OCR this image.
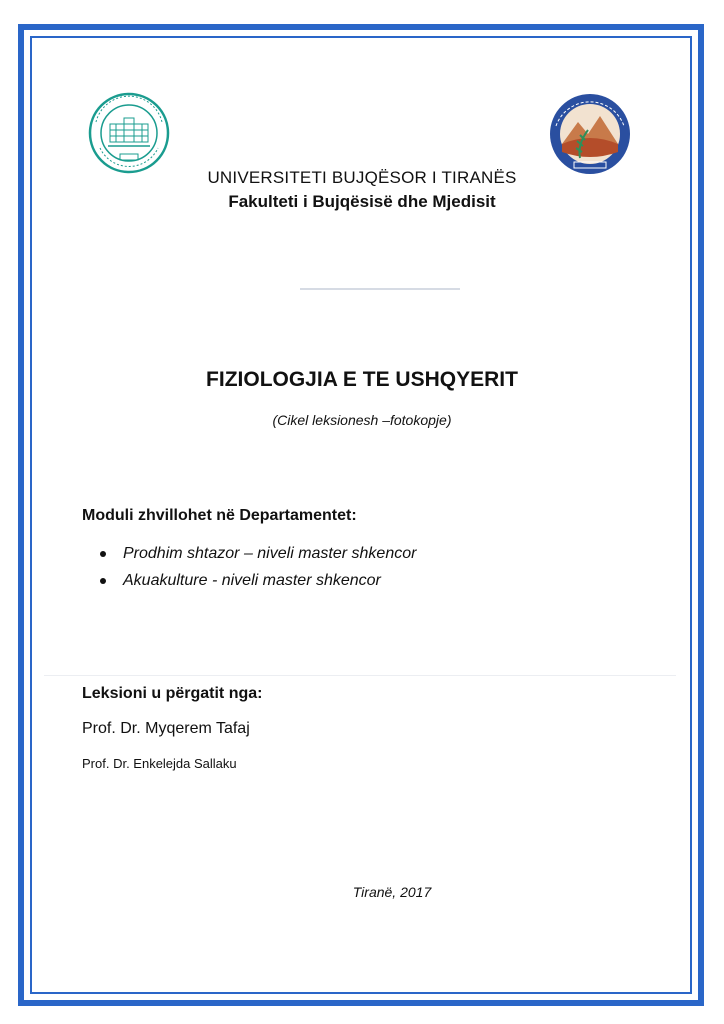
UNIVERSITETI BUJQËSOR I TIRANËS
Fakulteti i Bujqësisë dhe Mjedisit
FIZIOLOGJIA E TE USHQYERIT
(Cikel leksionesh –fotokopje)
Moduli zhvillohet në Departamentet:
Prodhim shtazor – niveli master shkencor
Akuakulture - niveli master shkencor
Leksioni u përgatit nga:
Prof. Dr. Myqerem Tafaj
Prof. Dr. Enkelejda Sallaku
Tiranë, 2017
